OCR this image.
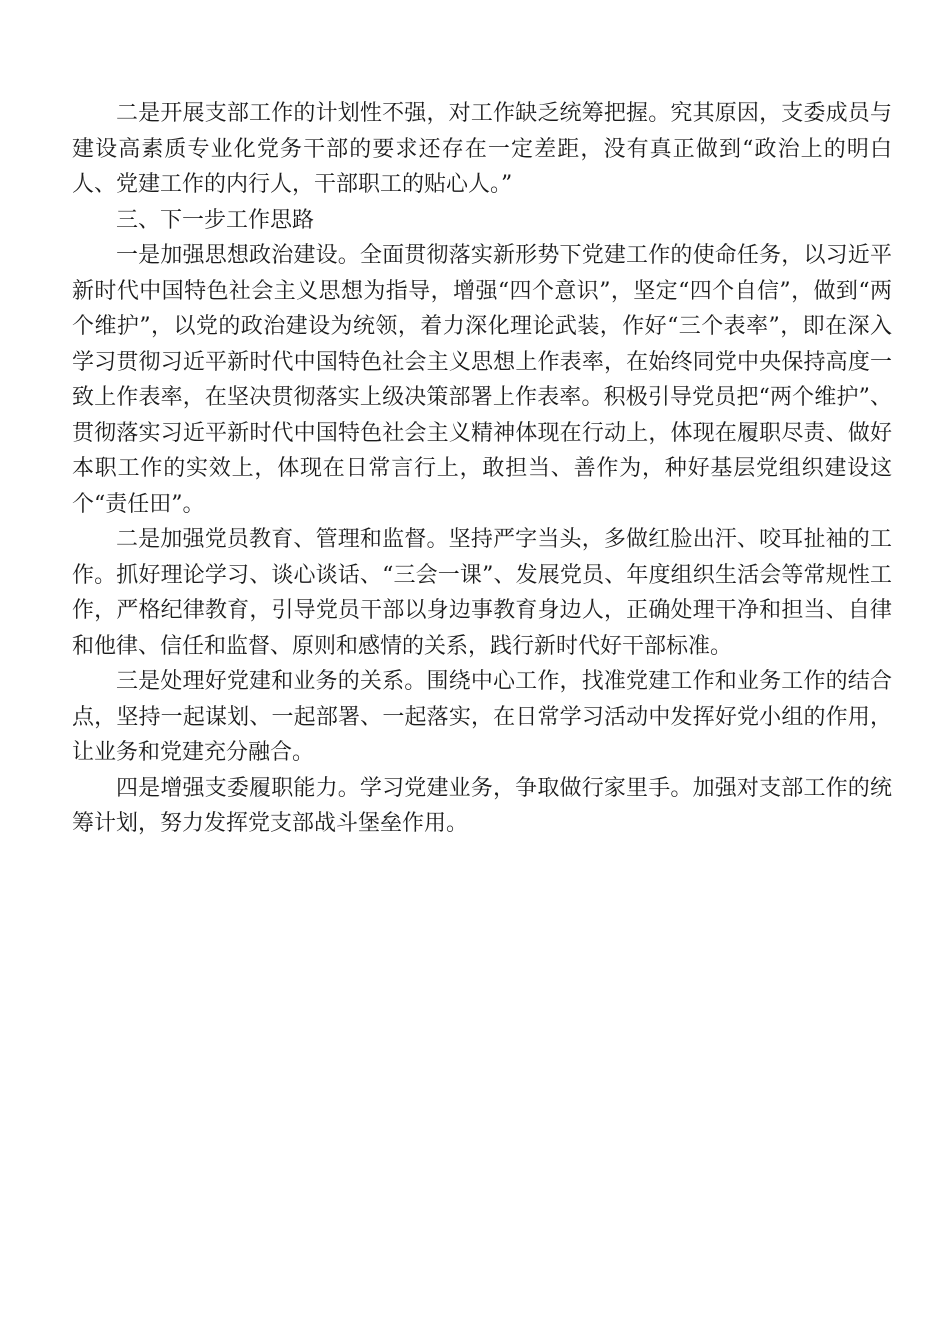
二是开展支部工作的计划性不强，对工作缺乏统筹把握。究其原因，支委成员与建设高素质专业化党务干部的要求还存在一定差距，没有真正做到“政治上的明白人、党建工作的内行人，干部职工的贴心人。”

三、下一步工作思路

一是加强思想政治建设。全面贯彻落实新形势下党建工作的使命任务，以习近平新时代中国特色社会主义思想为指导，增强“四个意识”，坚定“四个自信”，做到“两个维护”，以党的政治建设为统领，着力深化理论武装，作好“三个表率”，即在深入学习贯彻习近平新时代中国特色社会主义思想上作表率，在始终同党中央保持高度一致上作表率，在坚决贯彻落实上级决策部署上作表率。积极引导党员把“两个维护”、贯彻落实习近平新时代中国特色社会主义精神体现在行动上，体现在履职尽责、做好本职工作的实效上，体现在日常言行上，敢担当、善作为，种好基层党组织建设这个“责任田”。

二是加强党员教育、管理和监督。坚持严字当头，多做红脸出汗、咬耳扯袖的工作。抓好理论学习、谈心谈话、“三会一课”、发展党员、年度组织生活会等常规性工作，严格纪律教育，引导党员干部以身边事教育身边人，正确处理干净和担当、自律和他律、信任和监督、原则和感情的关系，践行新时代好干部标准。

三是处理好党建和业务的关系。围绕中心工作，找准党建工作和业务工作的结合点，坚持一起谋划、一起部署、一起落实，在日常学习活动中发挥好党小组的作用，让业务和党建充分融合。

四是增强支委履职能力。学习党建业务，争取做行家里手。加强对支部工作的统筹计划，努力发挥党支部战斗堡垒作用。
